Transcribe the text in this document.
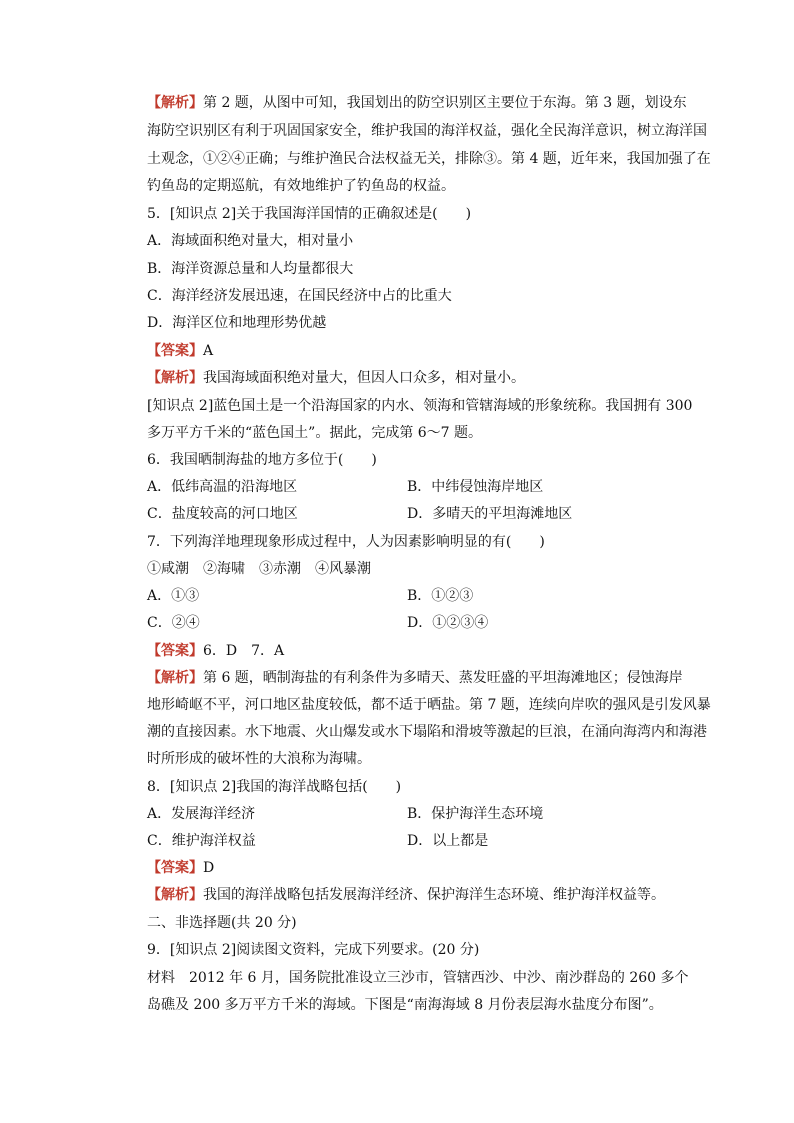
【解析】第 2 题，从图中可知，我国划出的防空识别区主要位于东海。第 3 题，划设东
海防空识别区有利于巩固国家安全，维护我国的海洋权益，强化全民海洋意识，树立海洋国
土观念，①②④正确；与维护渔民合法权益无关，排除③。第 4 题，近年来，我国加强了在
钓鱼岛的定期巡航，有效地维护了钓鱼岛的权益。
5．[知识点 2]关于我国海洋国情的正确叙述是(　　)
A．海域面积绝对量大，相对量小
B．海洋资源总量和人均量都很大
C．海洋经济发展迅速，在国民经济中占的比重大
D．海洋区位和地理形势优越
【答案】A
【解析】我国海域面积绝对量大，但因人口众多，相对量小。
[知识点 2]蓝色国土是一个沿海国家的内水、领海和管辖海域的形象统称。我国拥有 300
多万平方千米的“蓝色国土”。据此，完成第 6～7 题。
6．我国晒制海盐的地方多位于(　　)
A．低纬高温的沿海地区	B．中纬侵蚀海岸地区
C．盐度较高的河口地区	D．多晴天的平坦海滩地区
7．下列海洋地理现象形成过程中，人为因素影响明显的有(　　)
①咸潮　②海啸　③赤潮　④风暴潮
A．①③	B．①②③
C．②④	D．①②③④
【答案】6．D　7．A
【解析】第 6 题，晒制海盐的有利条件为多晴天、蒸发旺盛的平坦海滩地区；侵蚀海岸
地形崎岖不平，河口地区盐度较低，都不适于晒盐。第 7 题，连续向岸吹的强风是引发风暴
潮的直接因素。水下地震、火山爆发或水下塌陷和滑坡等激起的巨浪，在涌向海湾内和海港
时所形成的破坏性的大浪称为海啸。
8．[知识点 2]我国的海洋战略包括(　　)
A．发展海洋经济	B．保护海洋生态环境
C．维护海洋权益	D．以上都是
【答案】D
【解析】我国的海洋战略包括发展海洋经济、保护海洋生态环境、维护海洋权益等。
二、非选择题(共 20 分)
9．[知识点 2]阅读图文资料，完成下列要求。(20 分)
材料　2012 年 6 月，国务院批准设立三沙市，管辖西沙、中沙、南沙群岛的 260 多个
岛礁及 200 多万平方千米的海域。下图是“南海海域 8 月份表层海水盐度分布图”。
